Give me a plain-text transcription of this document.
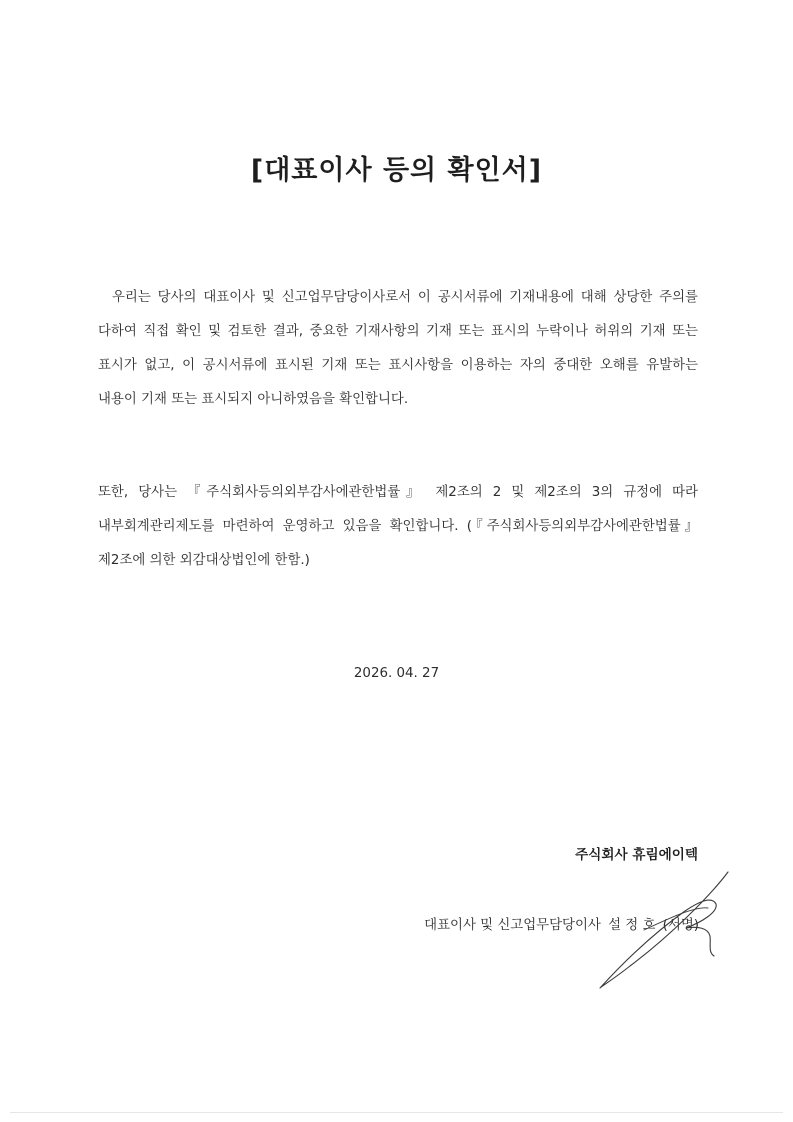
[대표이사 등의 확인서]
우리는 당사의 대표이사 및 신고업무담당이사로서 이 공시서류에 기재내용에 대해 상당한 주의를 다하여 직접 확인 및 검토한 결과, 중요한 기재사항의 기재 또는 표시의 누락이나 허위의 기재 또는 표시가 없고, 이 공시서류에 표시된 기재 또는 표시사항을 이용하는 자의 중대한 오해를 유발하는 내용이 기재 또는 표시되지 아니하였음을 확인합니다.
또한, 당사는 『주식회사등의외부감사에관한법률』 제2조의 2 및 제2조의 3의 규정에 따라 내부회계관리제도를 마련하여 운영하고 있음을 확인합니다. (『주식회사등의외부감사에관한법률』 제2조에 의한 외감대상법인에 한함.)
2026. 04. 27
주식회사 휴림에이텍
대표이사 및 신고업무담당이사 설 정 호 (서명)
